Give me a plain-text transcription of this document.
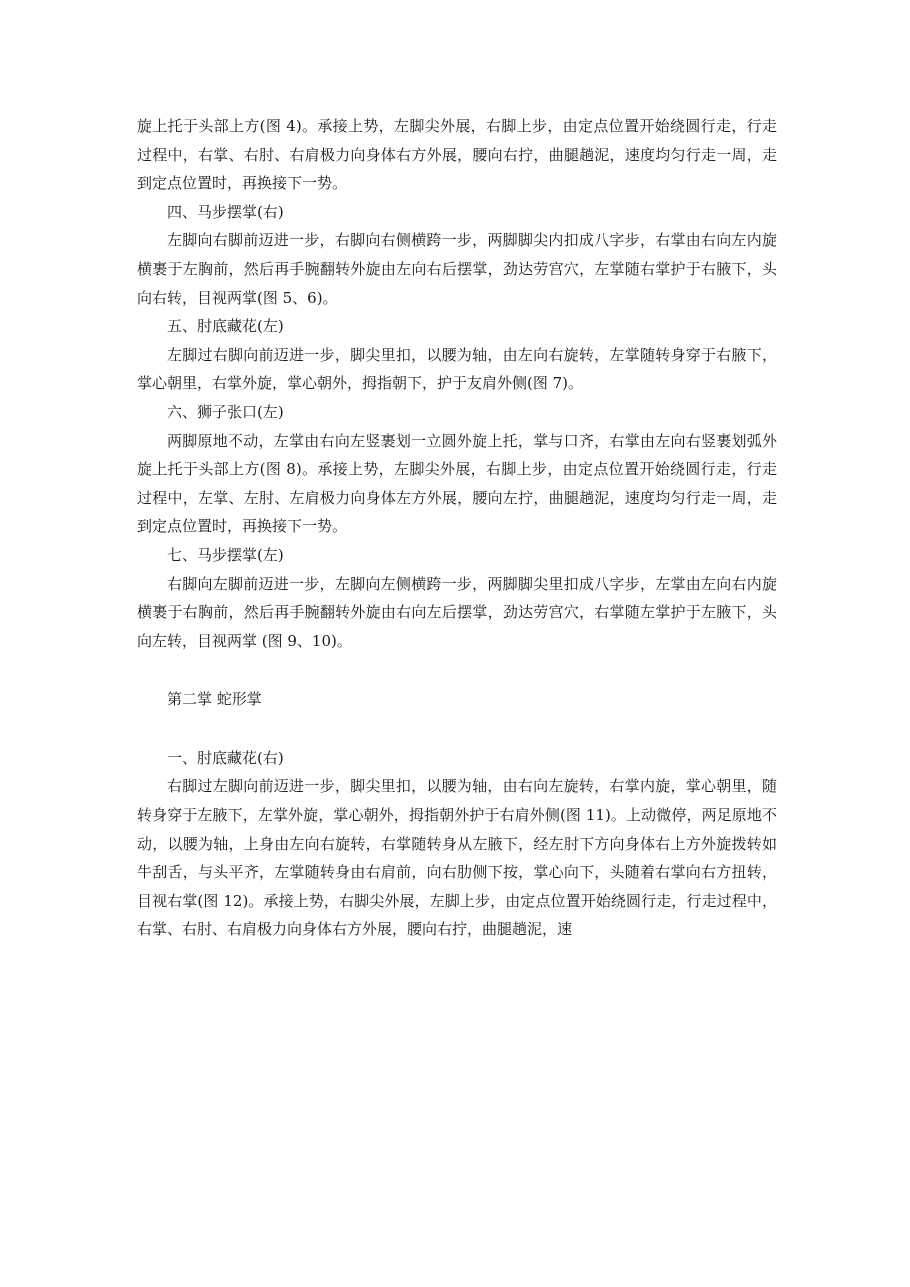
旋上托于头部上方(图 4)。承接上势，左脚尖外展，右脚上步，由定点位置开始绕圆行走，行走过程中，右掌、右肘、右肩极力向身体右方外展，腰向右拧，曲腿趟泥，速度均匀行走一周，走到定点位置时，再换接下一势。

四、马步摆掌(右)

左脚向右脚前迈进一步，右脚向右侧横跨一步，两脚脚尖内扣成八字步，右掌由右向左内旋横裹于左胸前，然后再手腕翻转外旋由左向右后摆掌，劲达劳宫穴，左掌随右掌护于右腋下，头向右转，目视两掌(图 5、6)。

五、肘底藏花(左)

左脚过右脚向前迈进一步，脚尖里扣，以腰为轴，由左向右旋转，左掌随转身穿于右腋下，掌心朝里，右掌外旋，掌心朝外，拇指朝下，护于友肩外侧(图 7)。

六、狮子张口(左)

两脚原地不动，左掌由右向左竖裹划一立圆外旋上托，掌与口齐，右掌由左向右竖裹划弧外旋上托于头部上方(图 8)。承接上势，左脚尖外展，右脚上步，由定点位置开始绕圆行走，行走过程中，左掌、左肘、左肩极力向身体左方外展，腰向左拧，曲腿趟泥，速度均匀行走一周，走到定点位置时，再换接下一势。

七、马步摆掌(左)

右脚向左脚前迈进一步，左脚向左侧横跨一步，两脚脚尖里扣成八字步，左掌由左向右内旋横裹于右胸前，然后再手腕翻转外旋由右向左后摆掌，劲达劳宫穴，右掌随左掌护于左腋下，头向左转，目视两掌 (图 9、10)。

第二掌 蛇形掌

一、肘底藏花(右)

右脚过左脚向前迈进一步，脚尖里扣，以腰为轴，由右向左旋转，右掌内旋，掌心朝里，随转身穿于左腋下，左掌外旋，掌心朝外，拇指朝外护于右肩外侧(图 11)。上动微停，两足原地不动，以腰为轴，上身由左向右旋转，右掌随转身从左腋下，经左肘下方向身体右上方外旋拨转如牛刮舌，与头平齐，左掌随转身由右肩前，向右肋侧下按，掌心向下，头随着右掌向右方扭转，目视右掌(图 12)。承接上势，右脚尖外展，左脚上步，由定点位置开始绕圆行走，行走过程中，右掌、右肘、右肩极力向身体右方外展，腰向右拧，曲腿趟泥，速
